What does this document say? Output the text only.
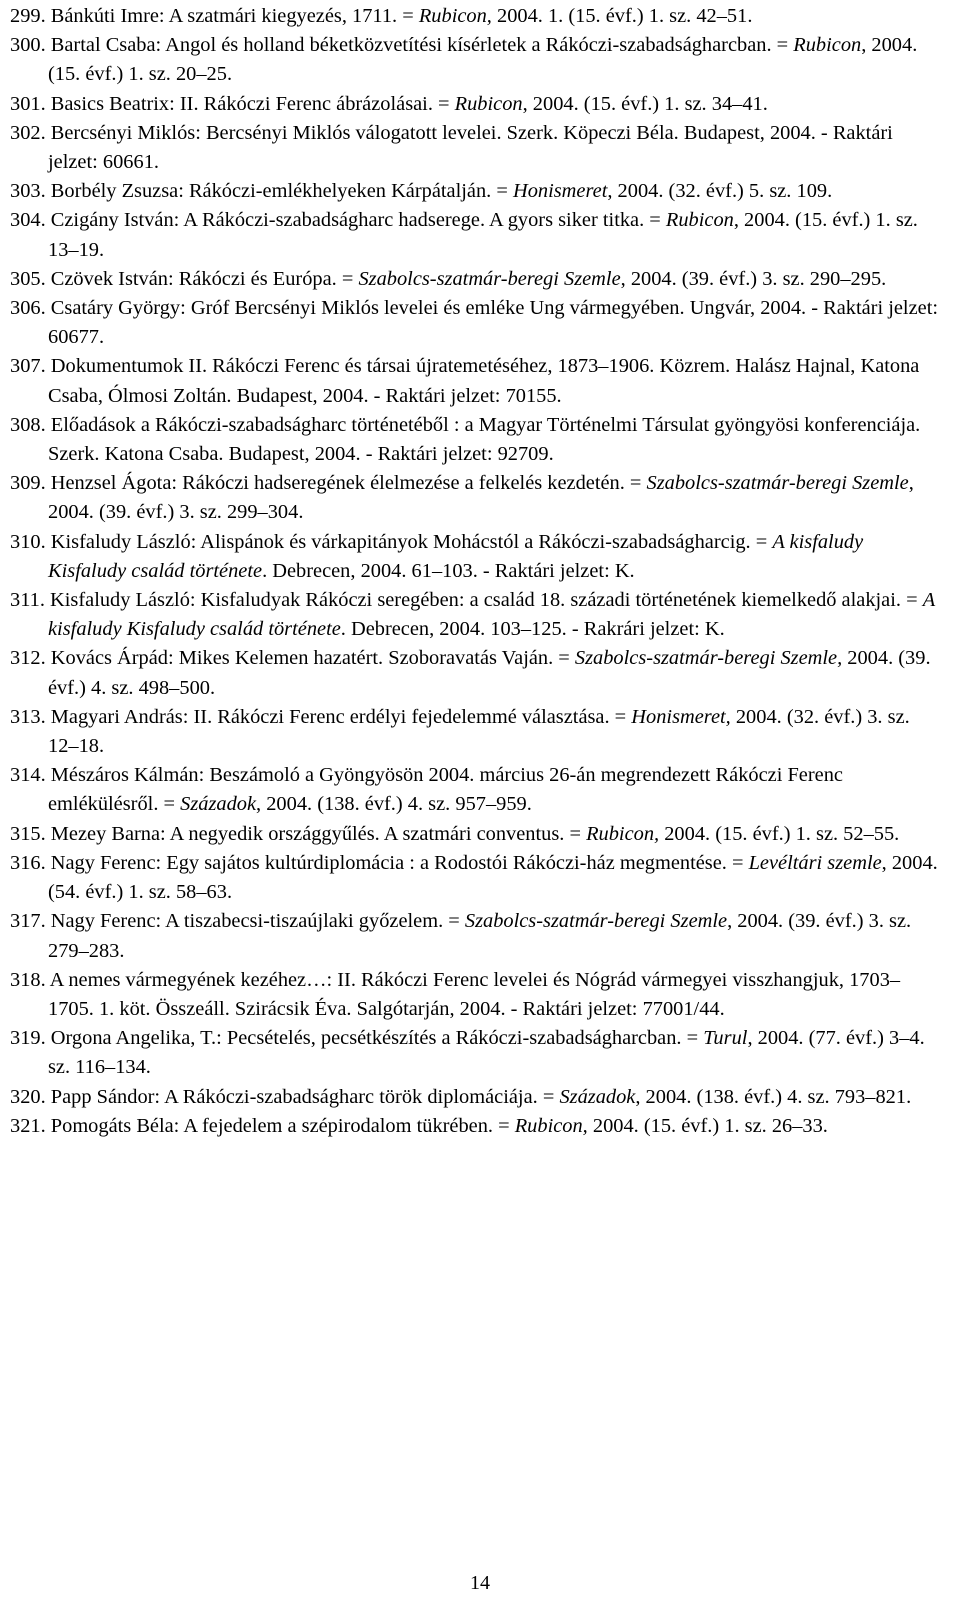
299. Bánkúti Imre: A szatmári kiegyezés, 1711. = Rubicon, 2004. 1. (15. évf.) 1. sz. 42–51.

300. Bartal Csaba: Angol és holland béketközvetítési kísérletek a Rákóczi-szabadságharcban. = Rubicon, 2004. (15. évf.) 1. sz. 20–25.

301. Basics Beatrix: II. Rákóczi Ferenc ábrázolásai. = Rubicon, 2004. (15. évf.) 1. sz. 34–41.

302. Bercsényi Miklós: Bercsényi Miklós válogatott levelei. Szerk. Köpeczi Béla. Budapest, 2004. - Raktári jelzet: 60661.

303. Borbély Zsuzsa: Rákóczi-emlékhelyeken Kárpátalján. = Honismeret, 2004. (32. évf.) 5. sz. 109.

304. Czigány István: A Rákóczi-szabadságharc hadserege. A gyors siker titka. = Rubicon, 2004. (15. évf.) 1. sz. 13–19.

305. Czövek István: Rákóczi és Európa. = Szabolcs-szatmár-beregi Szemle, 2004. (39. évf.) 3. sz. 290–295.

306. Csatáry György: Gróf Bercsényi Miklós levelei és emléke Ung vármegyében. Ungvár, 2004. - Raktári jelzet: 60677.

307. Dokumentumok II. Rákóczi Ferenc és társai újratemetéséhez, 1873–1906. Közrem. Halász Hajnal, Katona Csaba, Ólmosi Zoltán. Budapest, 2004. - Raktári jelzet: 70155.

308. Előadások a Rákóczi-szabadságharc történetéből : a Magyar Történelmi Társulat gyöngyösi konferenciája. Szerk. Katona Csaba. Budapest, 2004. - Raktári jelzet: 92709.

309. Henzsel Ágota: Rákóczi hadseregének élelmezése a felkelés kezdetén. = Szabolcs-szatmár-beregi Szemle, 2004. (39. évf.) 3. sz. 299–304.

310. Kisfaludy László: Alispánok és várkapitányok Mohácstól a Rákóczi-szabadságharcig. = A kisfaludy Kisfaludy család története. Debrecen, 2004. 61–103. - Raktári jelzet: K.

311. Kisfaludy László: Kisfaludyak Rákóczi seregében: a család 18. századi történetének kiemelkedő alakjai. = A kisfaludy Kisfaludy család története. Debrecen, 2004. 103–125. - Rakrári jelzet: K.

312. Kovács Árpád: Mikes Kelemen hazatért. Szoboravatás Vaján. = Szabolcs-szatmár-beregi Szemle, 2004. (39. évf.) 4. sz. 498–500.

313. Magyari András: II. Rákóczi Ferenc erdélyi fejedelemmé választása. = Honismeret, 2004. (32. évf.) 3. sz. 12–18.

314. Mészáros Kálmán: Beszámoló a Gyöngyösön 2004. március 26-án megrendezett Rákóczi Ferenc emlékülésről. = Századok, 2004. (138. évf.) 4. sz. 957–959.

315. Mezey Barna: A negyedik országgyűlés. A szatmári conventus. = Rubicon, 2004. (15. évf.) 1. sz. 52–55.

316. Nagy Ferenc: Egy sajátos kultúrdiplomácia : a Rodostói Rákóczi-ház megmentése. = Levéltári szemle, 2004. (54. évf.) 1. sz. 58–63.

317. Nagy Ferenc: A tiszabecsi-tiszaújlaki győzelem. = Szabolcs-szatmár-beregi Szemle, 2004. (39. évf.) 3. sz. 279–283.

318. A nemes vármegyének kezéhez…: II. Rákóczi Ferenc levelei és Nógrád vármegyei visszhangjuk, 1703–1705. 1. köt. Összeáll. Szirácsik Éva. Salgótarján, 2004. - Raktári jelzet: 77001/44.

319. Orgona Angelika, T.: Pecsételés, pecsétkészítés a Rákóczi-szabadságharcban. = Turul, 2004. (77. évf.) 3–4. sz. 116–134.

320. Papp Sándor: A Rákóczi-szabadságharc török diplomáciája. = Századok, 2004. (138. évf.) 4. sz. 793–821.

321. Pomogáts Béla: A fejedelem a szépirodalom tükrében. = Rubicon, 2004. (15. évf.) 1. sz. 26–33.

14
